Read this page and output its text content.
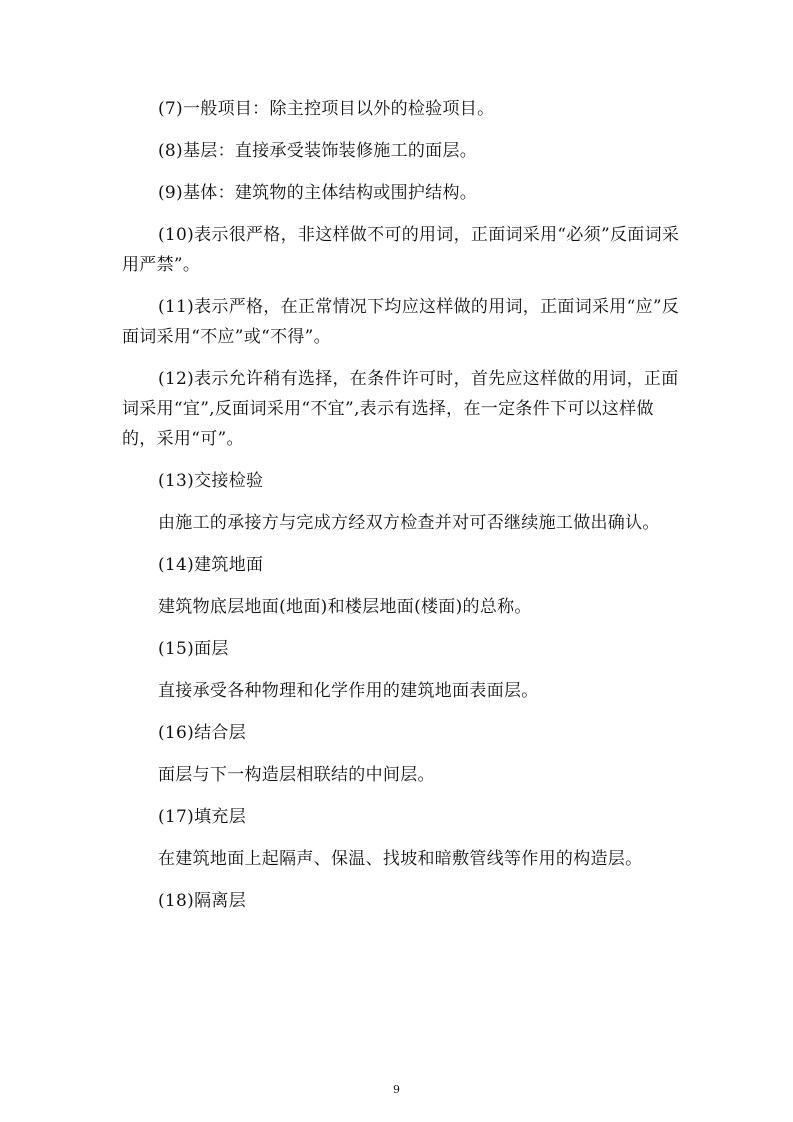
(7)一般项目：除主控项目以外的检验项目。

(8)基层：直接承受装饰装修施工的面层。

(9)基体：建筑物的主体结构或围护结构。

(10)表示很严格，非这样做不可的用词，正面词采用“必须”反面词采用严禁”。

(11)表示严格，在正常情况下均应这样做的用词，正面词采用“应”反面词采用“不应”或“不得”。

(12)表示允许稍有选择，在条件许可时，首先应这样做的用词，正面词采用“宜”,反面词采用“不宜”,表示有选择，在一定条件下可以这样做的，采用“可”。

(13)交接检验

由施工的承接方与完成方经双方检查并对可否继续施工做出确认。

(14)建筑地面

建筑物底层地面(地面)和楼层地面(楼面)的总称。

(15)面层

直接承受各种物理和化学作用的建筑地面表面层。

(16)结合层

面层与下一构造层相联结的中间层。

(17)填充层

在建筑地面上起隔声、保温、找坡和暗敷管线等作用的构造层。

(18)隔离层

9
